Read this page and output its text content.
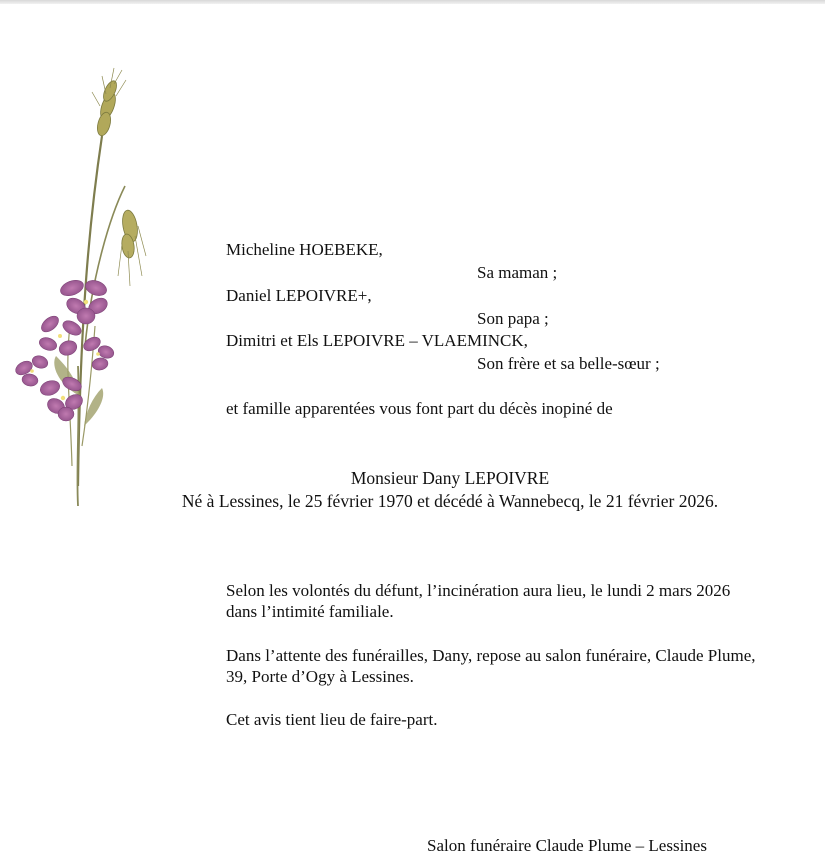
Micheline HOEBEKE,

Sa maman ;

Daniel LEPOIVRE+,

Son papa ;

Dimitri et Els LEPOIVRE – VLAEMINCK,

Son frère et sa belle-sœur ;

et famille apparentées vous font part du décès inopiné de

Monsieur Dany LEPOIVRE
Né à Lessines, le 25 février 1970 et décédé à Wannebecq, le 21 février 2026.

Selon les volontés du défunt, l’incinération aura lieu, le lundi 2 mars 2026 dans l’intimité familiale.

Dans l’attente des funérailles, Dany, repose au salon funéraire, Claude Plume, 39, Porte d’Ogy à Lessines.

Cet avis tient lieu de faire-part.

Salon funéraire Claude Plume – Lessines
